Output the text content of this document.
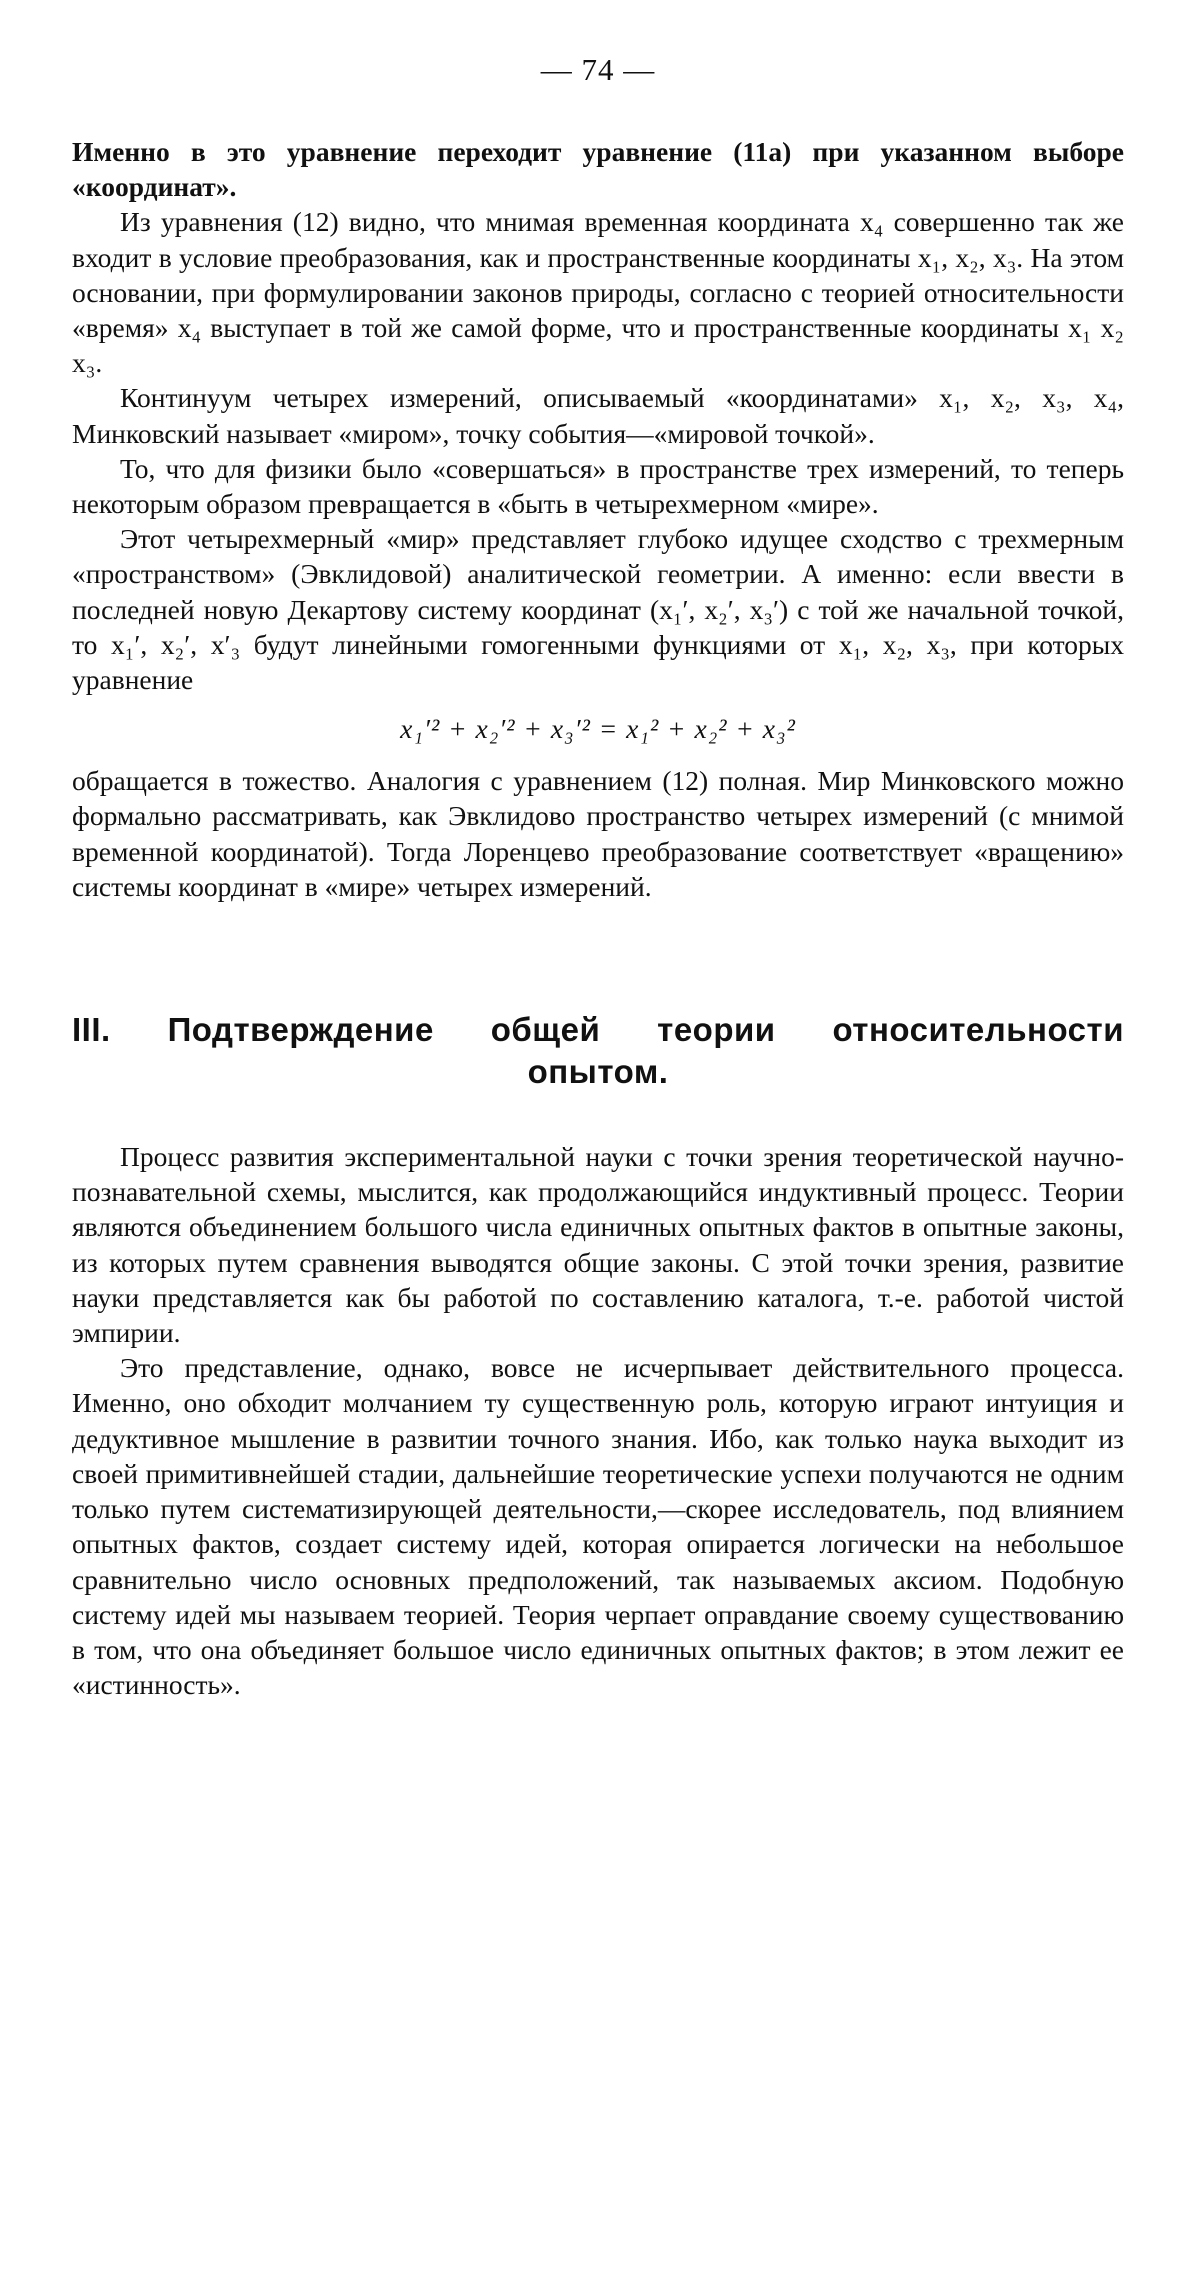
— 74 —

Именно в это уравнение переходит уравнение (11а) при указанном выборе «координат».

Из уравнения (12) видно, что мнимая временная координата x₄ совершенно так же входит в условие преобразования, как и пространственные координаты x₁, x₂, x₃. На этом основании, при формулировании законов природы, согласно с теорией относительности «время» x₄ выступает в той же самой форме, что и пространственные координаты x₁ x₂ x₃.

Континуум четырех измерений, описываемый «координатами» x₁, x₂, x₃, x₄, Минковский называет «миром», точку события—«мировой точкой».

То, что для физики было «совершаться» в пространстве трех измерений, то теперь некоторым образом превращается в «быть в четырехмерном «мире».

Этот четырехмерный «мир» представляет глубоко идущее сходство с трехмерным «пространством» (Эвклидовой) аналитической геометрии. А именно: если ввести в последней новую Декартову систему координат (x₁′, x₂′, x₃′) с той же начальной точкой, то x₁′, x₂′, x′₃ будут линейными гомогенными функциями от x₁, x₂, x₃, при которых уравнение

x₁′² + x₂′² + x₃′² = x₁² + x₂² + x₃²

обращается в тожество. Аналогия с уравнением (12) полная. Мир Минковского можно формально рассматривать, как Эвклидово пространство четырех измерений (с мнимой временной координатой). Тогда Лоренцево преобразование соответствует «вращению» системы координат в «мире» четырех измерений.

III. Подтверждение общей теории относительности
опытом.

Процесс развития экспериментальной науки с точки зрения теоретической научно-познавательной схемы, мыслится, как продолжающийся индуктивный процесс. Теории являются объединением большого числа единичных опытных фактов в опытные законы, из которых путем сравнения выводятся общие законы. С этой точки зрения, развитие науки представляется как бы работой по составлению каталога, т.-е. работой чистой эмпирии.

Это представление, однако, вовсе не исчерпывает действительного процесса. Именно, оно обходит молчанием ту существенную роль, которую играют интуиция и дедуктивное мышление в развитии точного знания. Ибо, как только наука выходит из своей примитивнейшей стадии, дальнейшие теоретические успехи получаются не одним только путем систематизирующей деятельности,—скорее исследователь, под влиянием опытных фактов, создает систему идей, которая опирается логически на небольшое сравнительно число основных предположений, так называемых аксиом. Подобную систему идей мы называем теорией. Теория черпает оправдание своему существованию в том, что она объединяет большое число единичных опытных фактов; в этом лежит ее «истинность».
